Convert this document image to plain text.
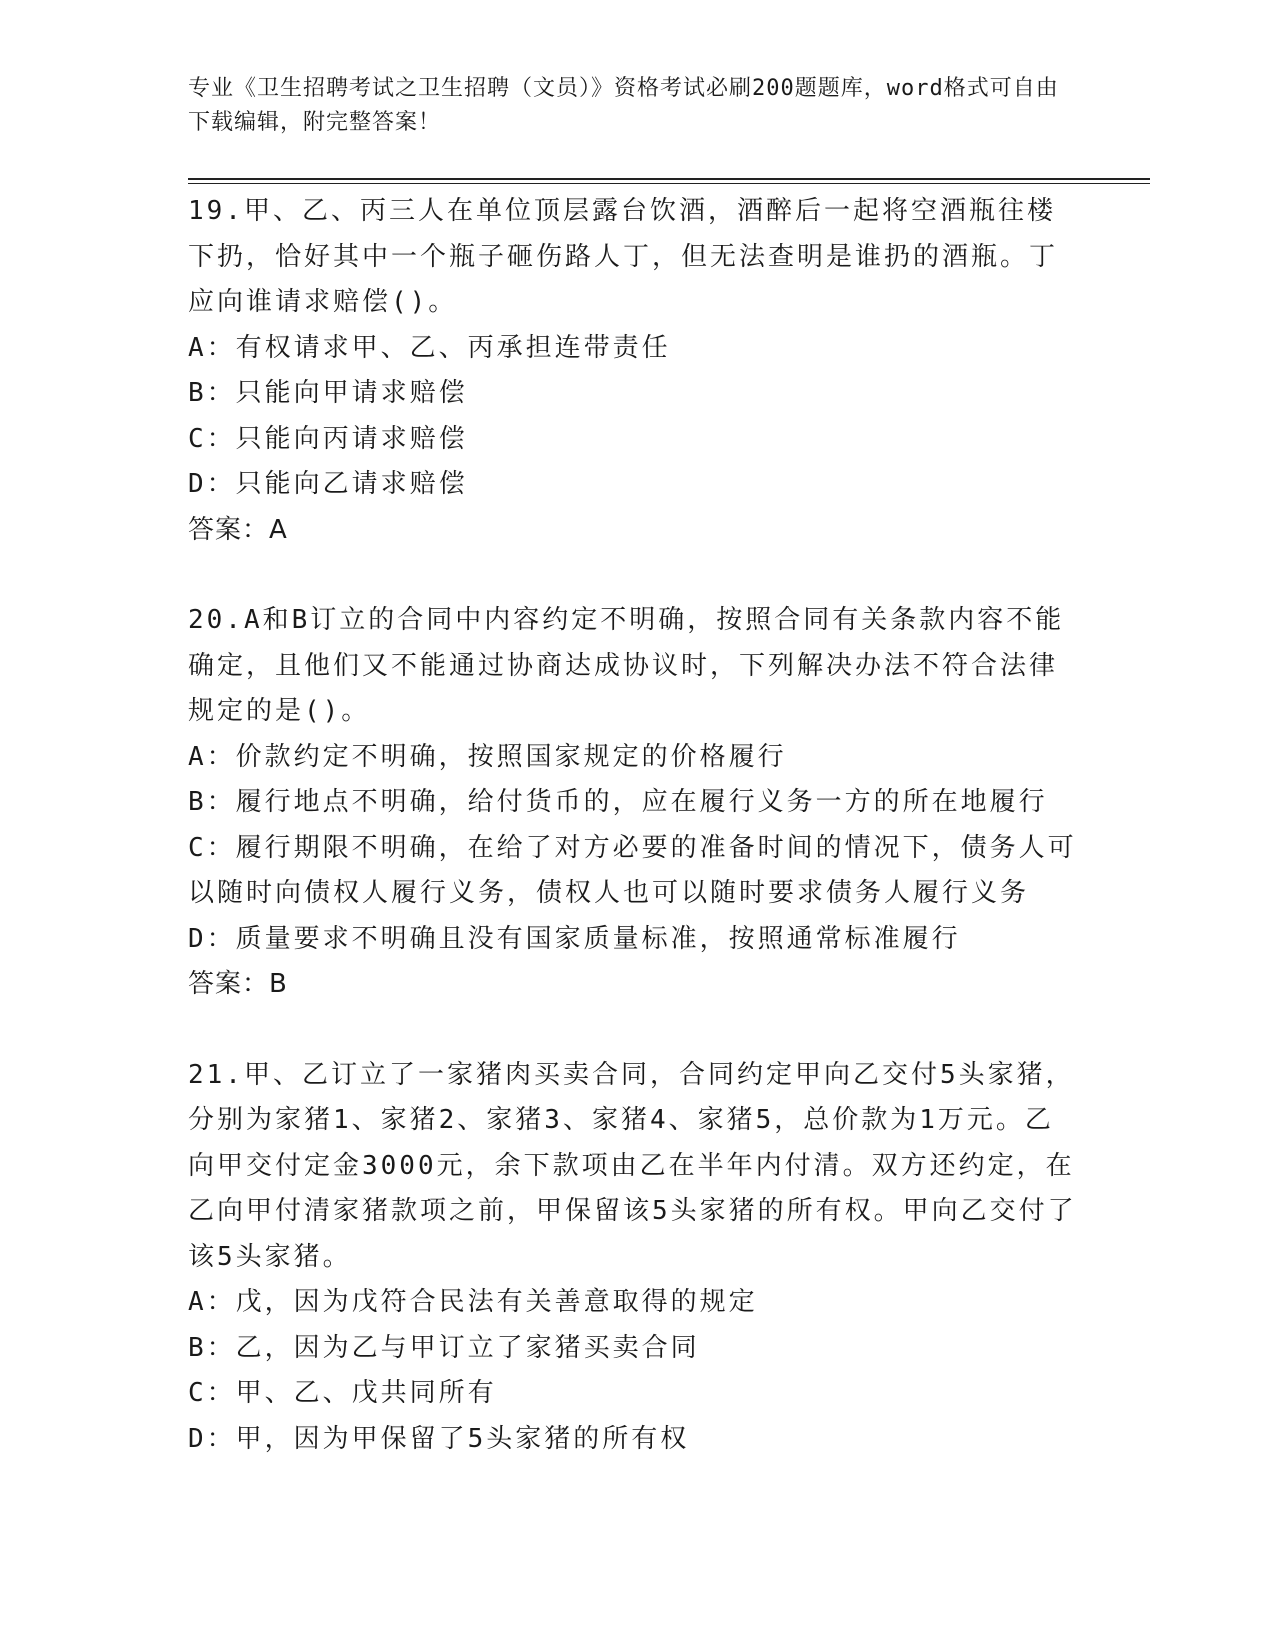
专业《卫生招聘考试之卫生招聘（文员）》资格考试必刷200题题库，word格式可自由下载编辑，附完整答案！

19.甲、乙、丙三人在单位顶层露台饮酒，酒醉后一起将空酒瓶往楼下扔，恰好其中一个瓶子砸伤路人丁，但无法查明是谁扔的酒瓶。丁应向谁请求赔偿()。

A：有权请求甲、乙、丙承担连带责任

B：只能向甲请求赔偿

C：只能向丙请求赔偿

D：只能向乙请求赔偿

答案：A

20.A和B订立的合同中内容约定不明确，按照合同有关条款内容不能确定，且他们又不能通过协商达成协议时，下列解决办法不符合法律规定的是()。

A：价款约定不明确，按照国家规定的价格履行

B：履行地点不明确，给付货币的，应在履行义务一方的所在地履行

C：履行期限不明确，在给了对方必要的准备时间的情况下，债务人可以随时向债权人履行义务，债权人也可以随时要求债务人履行义务

D：质量要求不明确且没有国家质量标准，按照通常标准履行

答案：B

21.甲、乙订立了一家猪肉买卖合同，合同约定甲向乙交付5头家猪，分别为家猪1、家猪2、家猪3、家猪4、家猪5，总价款为1万元。乙向甲交付定金3000元，余下款项由乙在半年内付清。双方还约定，在乙向甲付清家猪款项之前，甲保留该5头家猪的所有权。甲向乙交付了该5头家猪。

A：戊，因为戊符合民法有关善意取得的规定

B：乙，因为乙与甲订立了家猪买卖合同

C：甲、乙、戊共同所有

D：甲，因为甲保留了5头家猪的所有权
